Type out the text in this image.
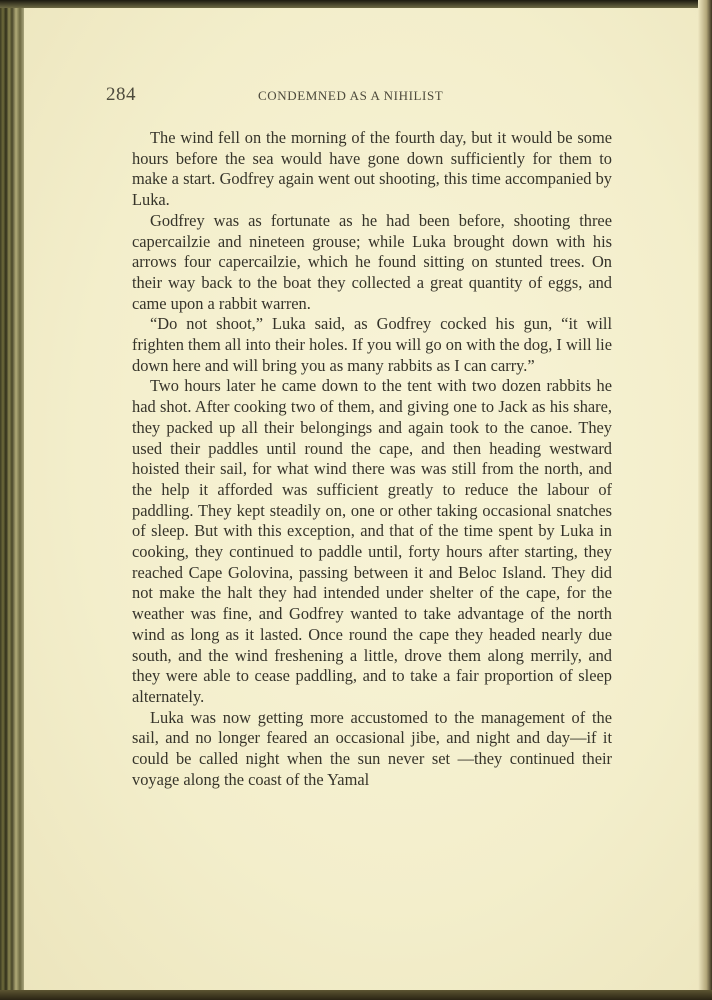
284	CONDEMNED AS A NIHILIST

The wind fell on the morning of the fourth day, but it would be some hours before the sea would have gone down sufficiently for them to make a start. Godfrey again went out shooting, this time accompanied by Luka.

Godfrey was as fortunate as he had been before, shooting three capercailzie and nineteen grouse; while Luka brought down with his arrows four capercailzie, which he found sitting on stunted trees. On their way back to the boat they collected a great quantity of eggs, and came upon a rabbit warren.

“Do not shoot,” Luka said, as Godfrey cocked his gun, “it will frighten them all into their holes. If you will go on with the dog, I will lie down here and will bring you as many rabbits as I can carry.”

Two hours later he came down to the tent with two dozen rabbits he had shot. After cooking two of them, and giving one to Jack as his share, they packed up all their belongings and again took to the canoe. They used their paddles until round the cape, and then heading westward hoisted their sail, for what wind there was was still from the north, and the help it afforded was sufficient greatly to reduce the labour of paddling. They kept steadily on, one or other taking occasional snatches of sleep. But with this exception, and that of the time spent by Luka in cooking, they continued to paddle until, forty hours after starting, they reached Cape Golovina, passing between it and Beloc Island. They did not make the halt they had intended under shelter of the cape, for the weather was fine, and Godfrey wanted to take advantage of the north wind as long as it lasted. Once round the cape they headed nearly due south, and the wind freshening a little, drove them along merrily, and they were able to cease paddling, and to take a fair proportion of sleep alternately.

Luka was now getting more accustomed to the management of the sail, and no longer feared an occasional jibe, and night and day—if it could be called night when the sun never set —they continued their voyage along the coast of the Yamal
